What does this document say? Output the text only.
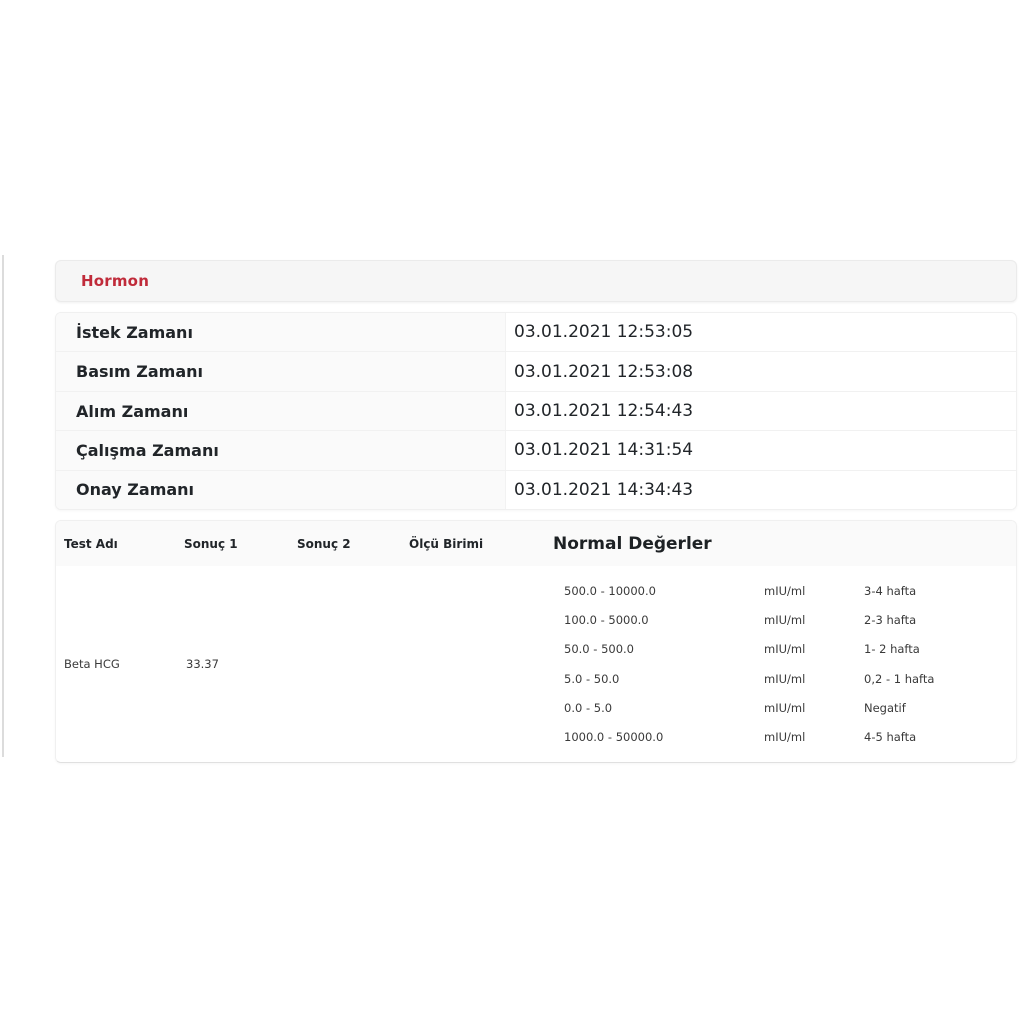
Hormon
İstek Zamanı	03.01.2021 12:53:05
Basım Zamanı	03.01.2021 12:53:08
Alım Zamanı	03.01.2021 12:54:43
Çalışma Zamanı	03.01.2021 14:31:54
Onay Zamanı	03.01.2021 14:34:43
Test Adı	Sonuç 1	Sonuç 2	Ölçü Birimi	Normal Değerler
Beta HCG	33.37
500.0 - 10000.0	mIU/ml	3-4 hafta
100.0 - 5000.0	mIU/ml	2-3 hafta
50.0 - 500.0	mIU/ml	1- 2 hafta
5.0 - 50.0	mIU/ml	0,2 - 1 hafta
0.0 - 5.0	mIU/ml	Negatif
1000.0 - 50000.0	mIU/ml	4-5 hafta
